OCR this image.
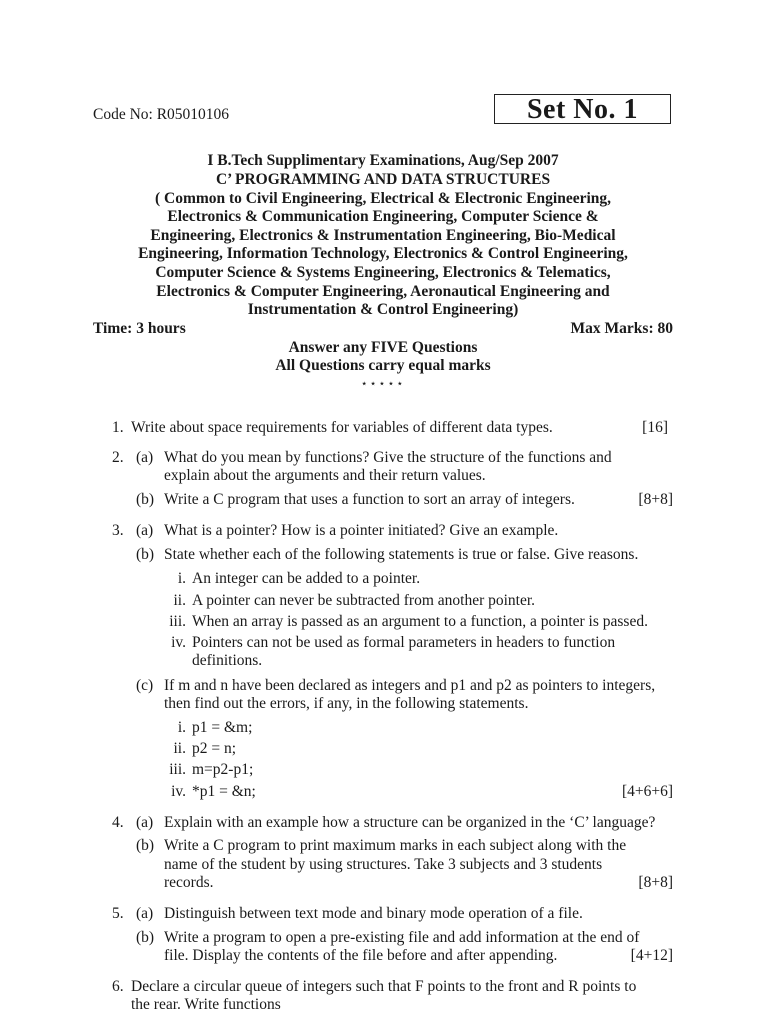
Code No: R05010106	Set No. 1
I B.Tech Supplimentary Examinations, Aug/Sep 2007
C’ PROGRAMMING AND DATA STRUCTURES
( Common to Civil Engineering, Electrical & Electronic Engineering,
Electronics & Communication Engineering, Computer Science &
Engineering, Electronics & Instrumentation Engineering, Bio-Medical
Engineering, Information Technology, Electronics & Control Engineering,
Computer Science & Systems Engineering, Electronics & Telematics,
Electronics & Computer Engineering, Aeronautical Engineering and
Instrumentation & Control Engineering)
Time: 3 hours	Max Marks: 80
Answer any FIVE Questions
All Questions carry equal marks
⋆⋆⋆⋆⋆
1. Write about space requirements for variables of different data types.	[16]
2. (a) What do you mean by functions? Give the structure of the functions and
explain about the arguments and their return values.
(b) Write a C program that uses a function to sort an array of integers.	[8+8]
3. (a) What is a pointer? How is a pointer initiated? Give an example.
(b) State whether each of the following statements is true or false. Give reasons.
i. An integer can be added to a pointer.
ii. A pointer can never be subtracted from another pointer.
iii. When an array is passed as an argument to a function, a pointer is passed.
iv. Pointers can not be used as formal parameters in headers to function
definitions.
(c) If m and n have been declared as integers and p1 and p2 as pointers to integers,
then find out the errors, if any, in the following statements.
i. p1 = &m;
ii. p2 = n;
iii. m=p2-p1;
iv. *p1 = &n;	[4+6+6]
4. (a) Explain with an example how a structure can be organized in the ‘C’ language?
(b) Write a C program to print maximum marks in each subject along with the
name of the student by using structures. Take 3 subjects and 3 students
records.	[8+8]
5. (a) Distinguish between text mode and binary mode operation of a file.
(b) Write a program to open a pre-existing file and add information at the end of
file. Display the contents of the file before and after appending.	[4+12]
6. Declare a circular queue of integers such that F points to the front and R points to
the rear. Write functions
